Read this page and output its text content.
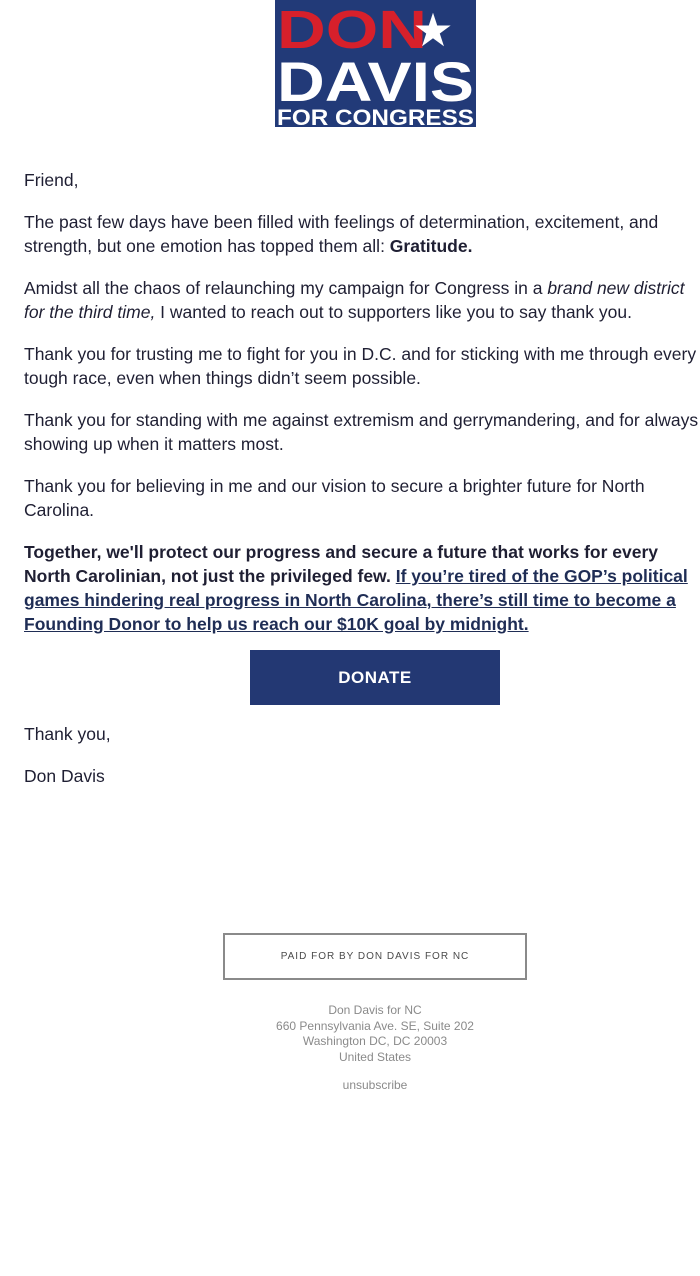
DON
★
DAVIS
FOR CONGRESS

Friend,

The past few days have been filled with feelings of determination, excitement, and
strength, but one emotion has topped them all: Gratitude.

Amidst all the chaos of relaunching my campaign for Congress in a brand new district
for the third time, I wanted to reach out to supporters like you to say thank you.

Thank you for trusting me to fight for you in D.C. and for sticking with me through every
tough race, even when things didn’t seem possible.

Thank you for standing with me against extremism and gerrymandering, and for always
showing up when it matters most.

Thank you for believing in me and our vision to secure a brighter future for North
Carolina.

Together, we'll protect our progress and secure a future that works for every
North Carolinian, not just the privileged few. If you’re tired of the GOP’s political
games hindering real progress in North Carolina, there’s still time to become a
Founding Donor to help us reach our $10K goal by midnight.

DONATE

Thank you,

Don Davis

PAID FOR BY DON DAVIS FOR NC
Don Davis for NC
660 Pennsylvania Ave. SE, Suite 202
Washington DC, DC 20003
United States
unsubscribe
